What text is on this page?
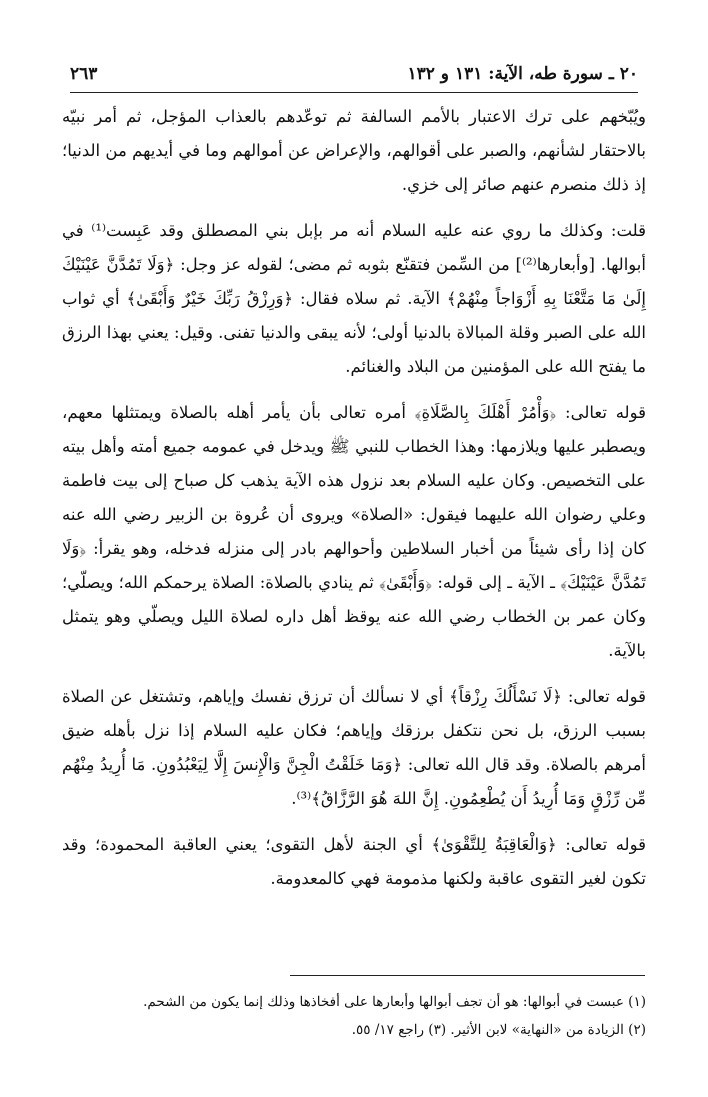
٢٠ ـ سورة طه، الآية: ١٣١ و ١٣٢
٢٦٣

ويُبّخهم على ترك الاعتبار بالأمم السالفة ثم توعّدهم بالعذاب المؤجل، ثم أمر نبيّه بالاحتقار لشأنهم، والصبر على أقوالهم، والإعراض عن أموالهم وما في أيديهم من الدنيا؛ إذ ذلك منصرم عنهم صائر إلى خزي.

قلت: وكذلك ما روي عنه عليه السلام أنه مر بإبل بني المصطلق وقد عَبِست⁽¹⁾ في أبوالها. [وأبعارها⁽²⁾] من السِّمن فتقنّع بثوبه ثم مضى؛ لقوله عز وجل: ﴿وَلَا تَمُدَّنَّ عَيْنَيْكَ إِلَىٰ مَا مَتَّعْنَا بِهِ أَزْوَاجاً مِنْهُمْ﴾ الآية. ثم سلاه فقال: ﴿وَرِزْقُ رَبِّكَ خَيْرٌ وَأَبْقَىٰ﴾ أي ثواب الله على الصبر وقلة المبالاة بالدنيا أولى؛ لأنه يبقى والدنيا تفنى. وقيل: يعني بهذا الرزق ما يفتح الله على المؤمنين من البلاد والغنائم.

قوله تعالى: ﴿وَأْمُرْ أَهْلَكَ بِالصَّلَاةِ﴾ أمره تعالى بأن يأمر أهله بالصلاة ويمتثلها معهم، ويصطبر عليها ويلازمها: وهذا الخطاب للنبي ﷺ ويدخل في عمومه جميع أمته وأهل بيته على التخصيص. وكان عليه السلام بعد نزول هذه الآية يذهب كل صباح إلى بيت فاطمة وعلي رضوان الله عليهما فيقول: «الصلاة» ويروى أن عُروة بن الزبير رضي الله عنه كان إذا رأى شيئاً من أخبار السلاطين وأحوالهم بادر إلى منزله فدخله، وهو يقرأ: ﴿وَلَا تَمُدَّنَّ عَيْنَيْكَ﴾ ـ الآية ـ إلى قوله: ﴿وَأَبْقَىٰ﴾ ثم ينادي بالصلاة: الصلاة يرحمكم الله؛ ويصلّي؛ وكان عمر بن الخطاب رضي الله عنه يوقظ أهل داره لصلاة الليل ويصلّي وهو يتمثل بالآية.

قوله تعالى: ﴿لَا نَسْأَلُكَ رِزْقاً﴾ أي لا نسألك أن ترزق نفسك وإياهم، وتشتغل عن الصلاة بسبب الرزق، بل نحن نتكفل برزقك وإياهم؛ فكان عليه السلام إذا نزل بأهله ضيق أمرهم بالصلاة. وقد قال الله تعالى: ﴿وَمَا خَلَقْتُ الْجِنَّ وَالْإِنسَ إِلَّا لِيَعْبُدُونِ. مَا أُرِيدُ مِنْهُم مِّن رِّزْقٍ وَمَا أُرِيدُ أَن يُطْعِمُونِ. إِنَّ اللهَ هُوَ الرَّزَّاقُ﴾⁽³⁾.

قوله تعالى: ﴿وَالْعَاقِبَةُ لِلتَّقْوَىٰ﴾ أي الجنة لأهل التقوى؛ يعني العاقبة المحمودة؛ وقد تكون لغير التقوى عاقبة ولكنها مذمومة فهي كالمعدومة.

(١) عبست في أبوالها: هو أن تجف أبوالها وأبعارها على أفخاذها وذلك إنما يكون من الشحم.
(٢) الزيادة من «النهاية» لابن الأثير. (٣) راجع ١٧/ ٥٥.
